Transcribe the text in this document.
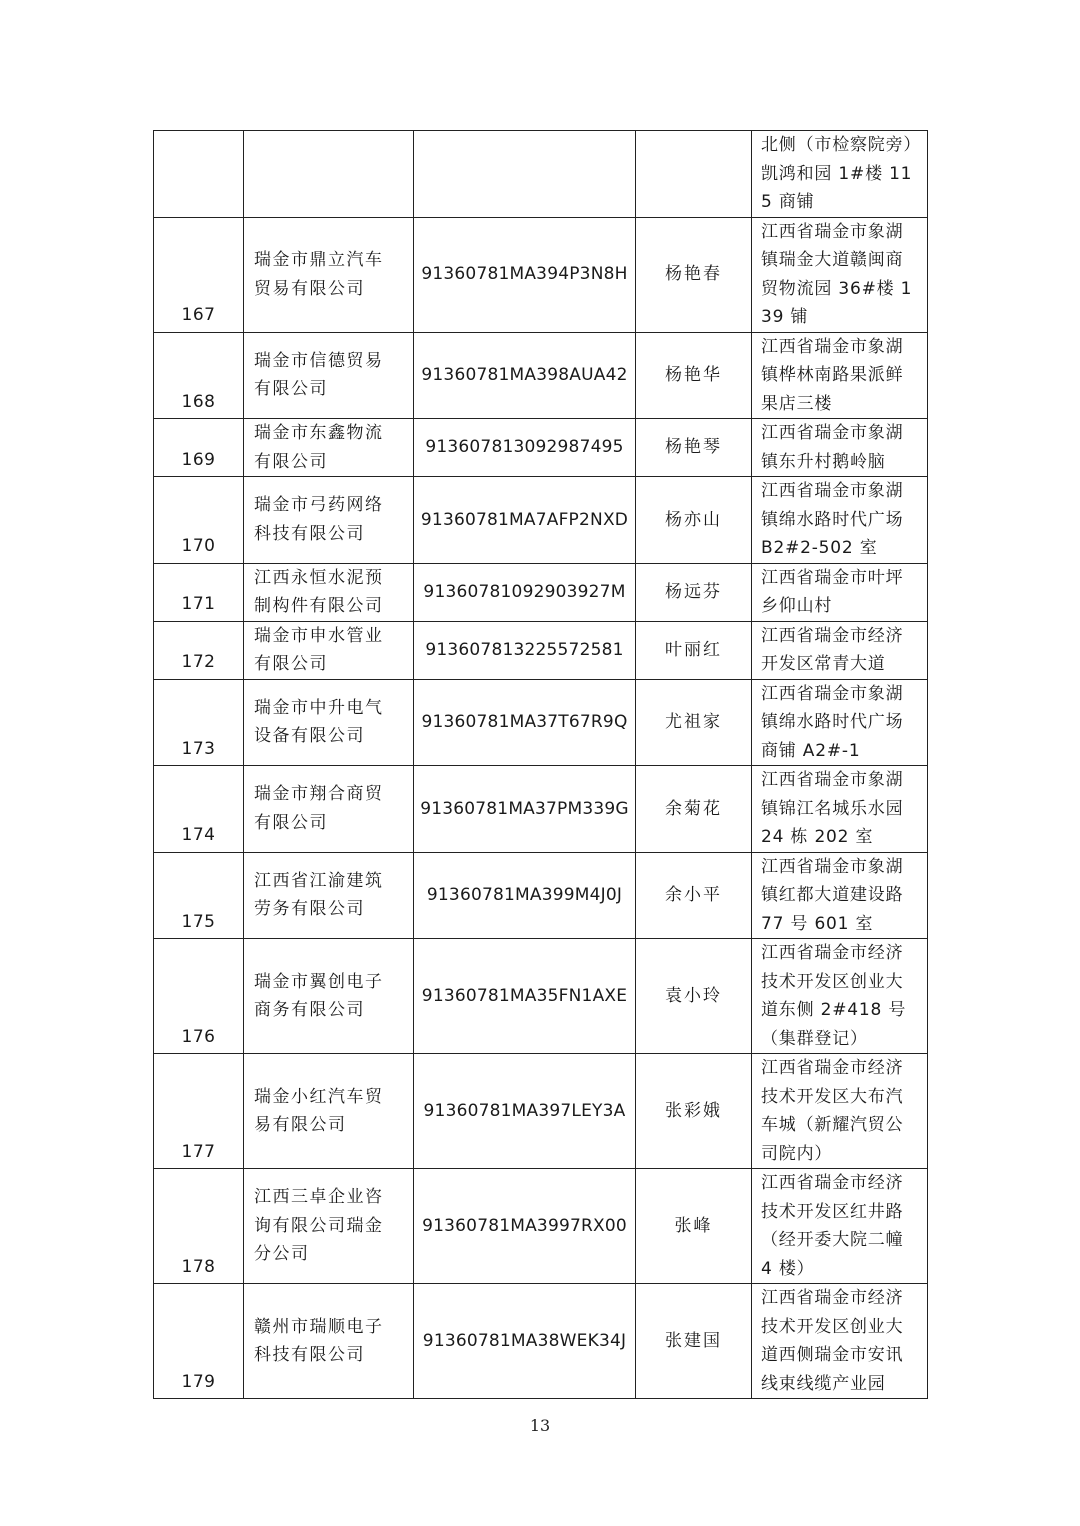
				北侧（市检察院旁）凯鸿和园 1#楼 115 商铺

167	瑞金市鼎立汽车贸易有限公司	91360781MA394P3N8H	杨艳春	江西省瑞金市象湖镇瑞金大道赣闽商贸物流园 36#楼 139 铺

168	瑞金市信德贸易有限公司	91360781MA398AUA42	杨艳华	江西省瑞金市象湖镇桦林南路果派鲜果店三楼

169	瑞金市东鑫物流有限公司	913607813092987495	杨艳琴	江西省瑞金市象湖镇东升村鹅岭脑

170	瑞金市弓药网络科技有限公司	91360781MA7AFP2NXD	杨亦山	江西省瑞金市象湖镇绵水路时代广场 B2#2-502 室

171	江西永恒水泥预制构件有限公司	91360781092903927M	杨远芬	江西省瑞金市叶坪乡仰山村

172	瑞金市申水管业有限公司	913607813225572581	叶丽红	江西省瑞金市经济开发区常青大道

173	瑞金市中升电气设备有限公司	91360781MA37T67R9Q	尤祖家	江西省瑞金市象湖镇绵水路时代广场商铺 A2#-1

174	瑞金市翔合商贸有限公司	91360781MA37PM339G	余菊花	江西省瑞金市象湖镇锦江名城乐水园 24 栋 202 室

175	江西省江渝建筑劳务有限公司	91360781MA399M4J0J	余小平	江西省瑞金市象湖镇红都大道建设路 77 号 601 室

176	瑞金市翼创电子商务有限公司	91360781MA35FN1AXE	袁小玲	江西省瑞金市经济技术开发区创业大道东侧 2#418 号（集群登记）

177	瑞金小红汽车贸易有限公司	91360781MA397LEY3A	张彩娥	江西省瑞金市经济技术开发区大布汽车城（新耀汽贸公司院内）

178	江西三卓企业咨询有限公司瑞金分公司	91360781MA3997RX00	张峰	江西省瑞金市经济技术开发区红井路（经开委大院二幢 4 楼）

179	赣州市瑞顺电子科技有限公司	91360781MA38WEK34J	张建国	江西省瑞金市经济技术开发区创业大道西侧瑞金市安讯线束线缆产业园
13
